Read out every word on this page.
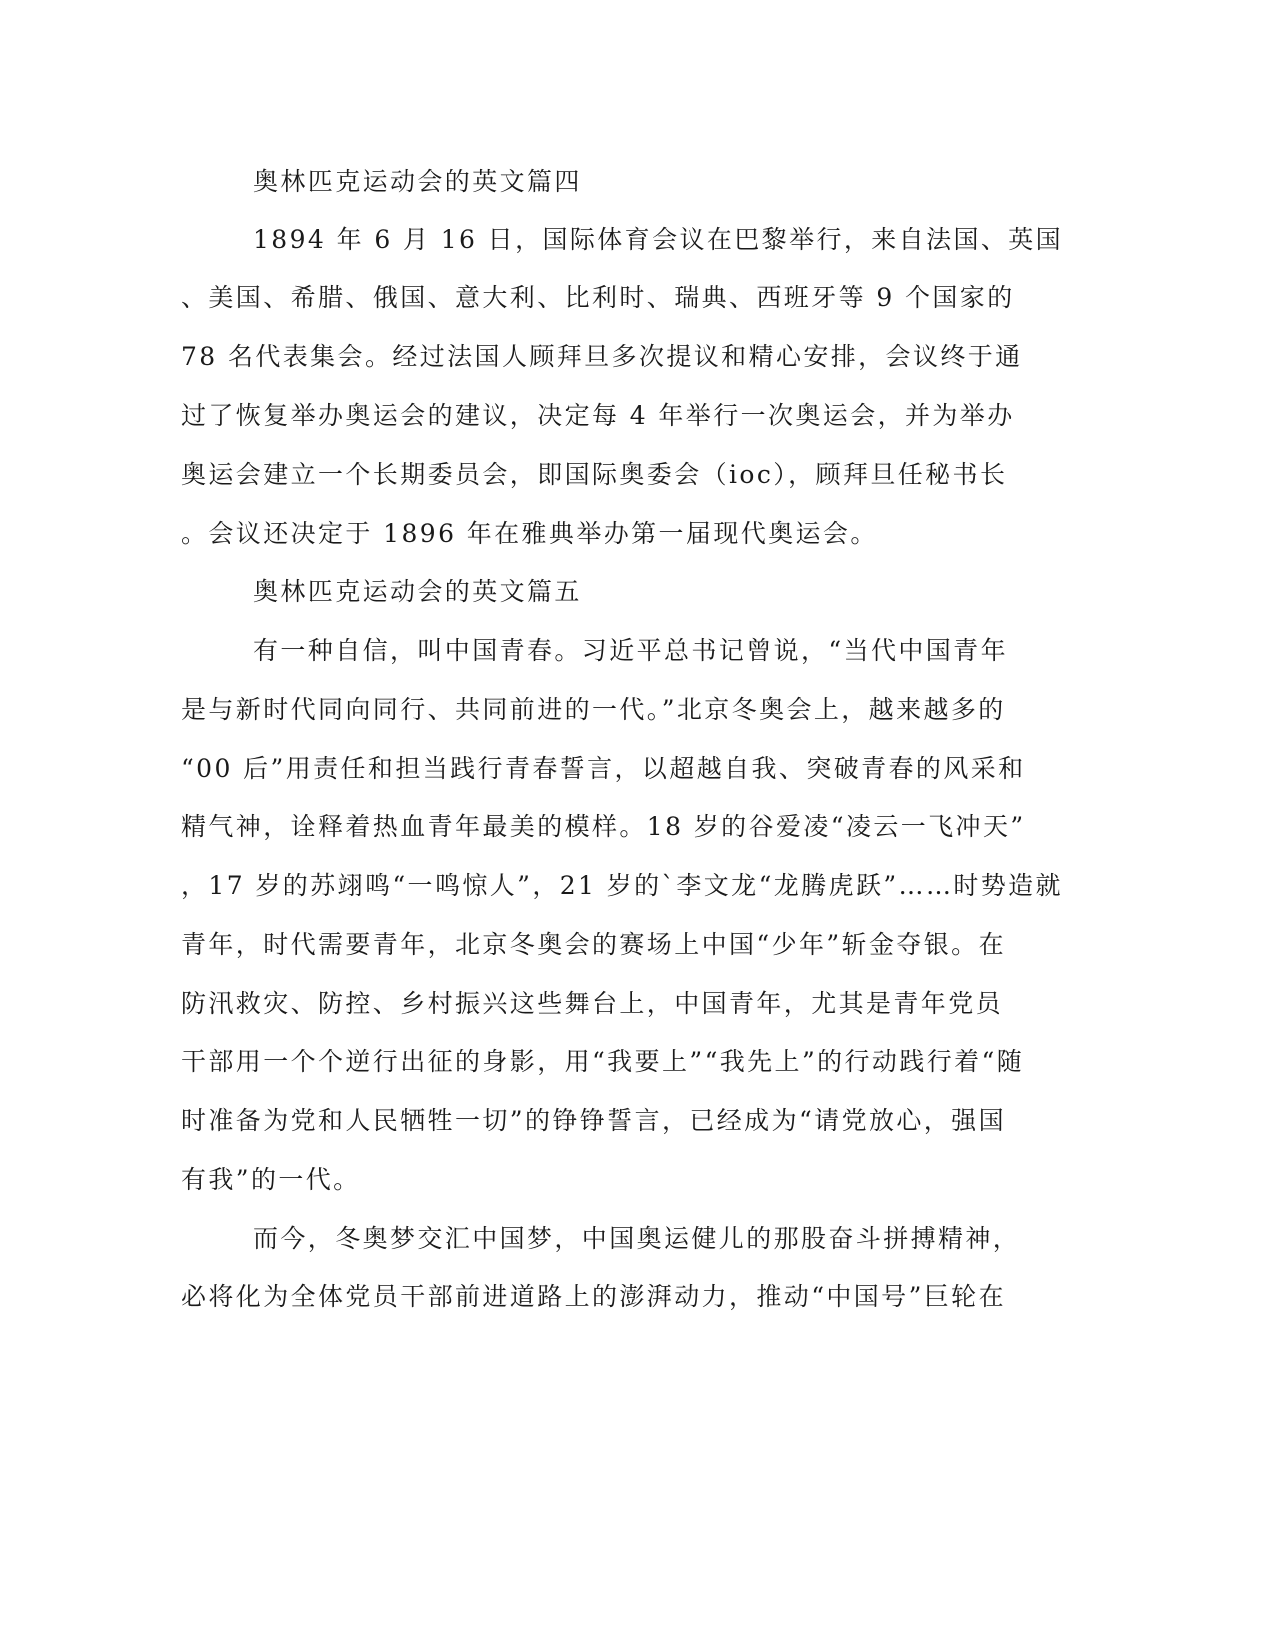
奥林匹克运动会的英文篇四
1894 年 6 月 16 日，国际体育会议在巴黎举行，来自法国、英国
、美国、希腊、俄国、意大利、比利时、瑞典、西班牙等 9 个国家的
78 名代表集会。经过法国人顾拜旦多次提议和精心安排，会议终于通
过了恢复举办奥运会的建议，决定每 4 年举行一次奥运会，并为举办
奥运会建立一个长期委员会，即国际奥委会（ioc），顾拜旦任秘书长
。会议还决定于 1896 年在雅典举办第一届现代奥运会。
奥林匹克运动会的英文篇五
有一种自信，叫中国青春。习近平总书记曾说，“当代中国青年
是与新时代同向同行、共同前进的一代。”北京冬奥会上，越来越多的
“00 后”用责任和担当践行青春誓言，以超越自我、突破青春的风采和
精气神，诠释着热血青年最美的模样。18 岁的谷爱凌“凌云一飞冲天”
，17 岁的苏翊鸣“一鸣惊人”，21 岁的`李文龙“龙腾虎跃”……时势造就
青年，时代需要青年，北京冬奥会的赛场上中国“少年”斩金夺银。在
防汛救灾、防控、乡村振兴这些舞台上，中国青年，尤其是青年党员
干部用一个个逆行出征的身影，用“我要上”“我先上”的行动践行着“随
时准备为党和人民牺牲一切”的铮铮誓言，已经成为“请党放心，强国
有我”的一代。
而今，冬奥梦交汇中国梦，中国奥运健儿的那股奋斗拼搏精神，
必将化为全体党员干部前进道路上的澎湃动力，推动“中国号”巨轮在
